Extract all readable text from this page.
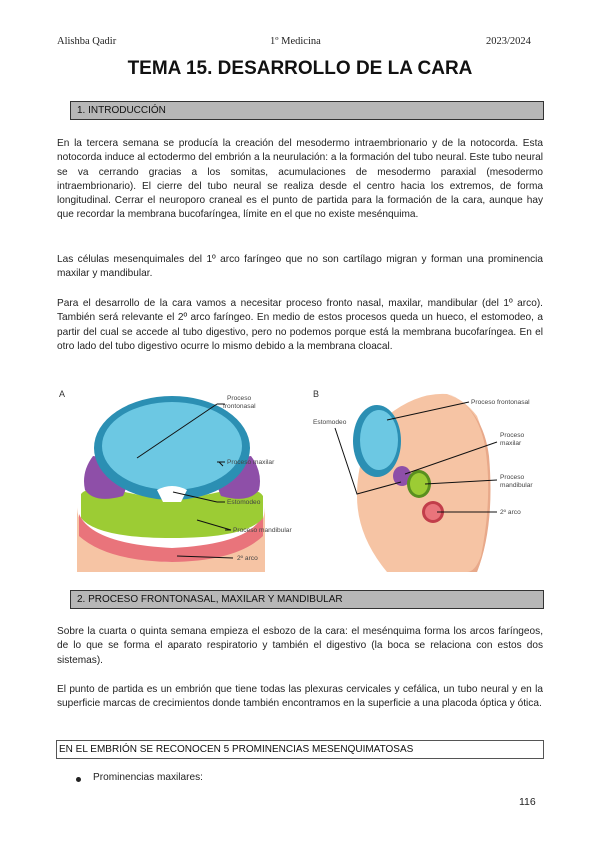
Alishba Qadir	1º Medicina	2023/2024
TEMA 15. DESARROLLO DE LA CARA
1. INTRODUCCIÓN

En la tercera semana se producía la creación del mesodermo intraembrionario y de la notocorda. Esta notocorda induce al ectodermo del embrión a la neurulación: a la formación del tubo neural. Este tubo neural se va cerrando gracias a los somitas, acumulaciones de mesodermo paraxial (mesodermo intraembrionario). El cierre del tubo neural se realiza desde el centro hacia los extremos, de forma longitudinal. Cerrar el neuroporo craneal es el punto de partida para la formación de la cara, aunque hay que recordar la membrana bucofaríngea, límite en el que no existe mesénquima.

Las células mesenquimales del 1º arco faríngeo que no son cartílago migran y forman una prominencia maxilar y mandibular.

Para el desarrollo de la cara vamos a necesitar proceso fronto nasal, maxilar, mandibular (del 1º arco). También será relevante el 2º arco faríngeo. En medio de estos procesos queda un hueco, el estomodeo, a partir del cual se accede al tubo digestivo, pero no podemos porque está la membrana bucofaríngea. En el otro lado del tubo digestivo ocurre lo mismo debido a la membrana cloacal.

A	Proceso
frontonasal
Proceso maxilar
Estomodeo
Proceso mandibular
2º arco
B
Estomodeo
Proceso frontonasal
Proceso
maxilar
Proceso
mandibular
2º arco
2. PROCESO FRONTONASAL, MAXILAR Y MANDIBULAR

Sobre la cuarta o quinta semana empieza el esbozo de la cara: el mesénquima forma los arcos faríngeos, de lo que se forma el aparato respiratorio y también el digestivo (la boca se relaciona con estos dos sistemas).

El punto de partida es un embrión que tiene todas las plexuras cervicales y cefálica, un tubo neural y en la superficie marcas de crecimientos donde también encontramos en la superficie a una placoda óptica y ótica.

EN EL EMBRIÓN SE RECONOCEN 5 PROMINENCIAS MESENQUIMATOSAS
Prominencias maxilares:
116
